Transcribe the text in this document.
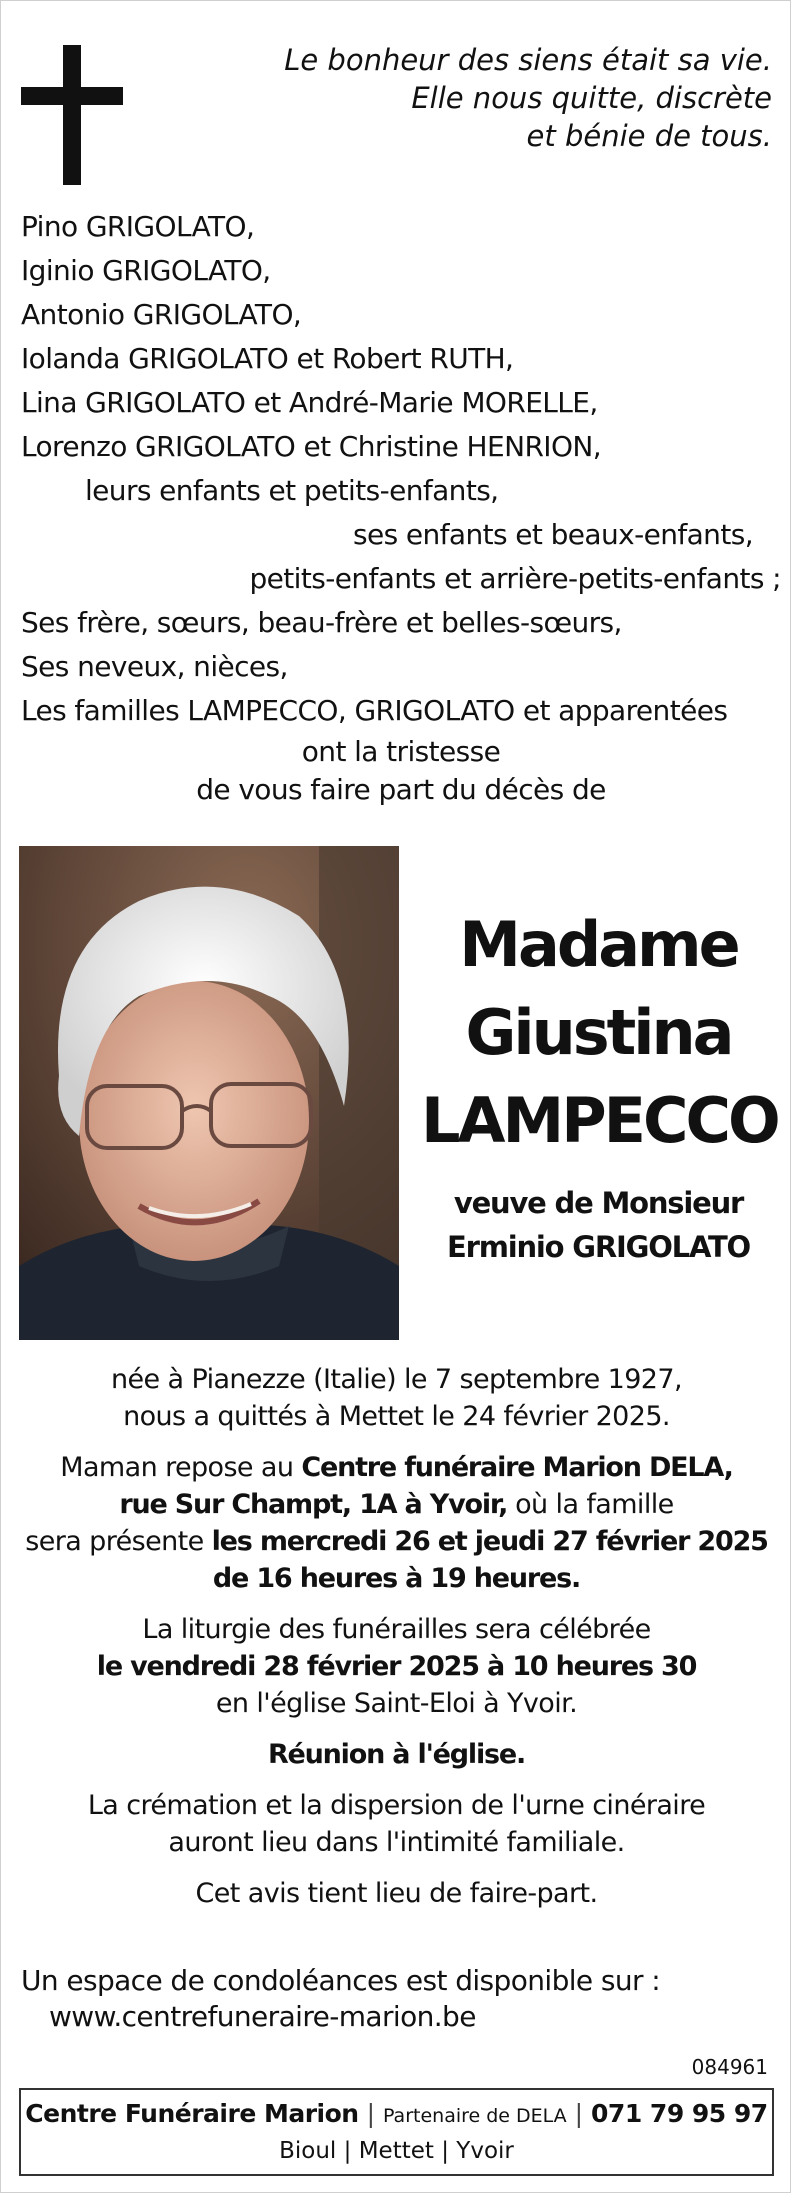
Le bonheur des siens était sa vie.
Elle nous quitte, discrète
et bénie de tous.
Pino GRIGOLATO,
Iginio GRIGOLATO,
Antonio GRIGOLATO,
Iolanda GRIGOLATO et Robert RUTH,
Lina GRIGOLATO et André-Marie MORELLE,
Lorenzo GRIGOLATO et Christine HENRION,
leurs enfants et petits-enfants,
ses enfants et beaux-enfants,
petits-enfants et arrière-petits-enfants ;
Ses frère, sœurs, beau-frère et belles-sœurs,
Ses neveux, nièces,
Les familles LAMPECCO, GRIGOLATO et apparentées
ont la tristesse
de vous faire part du décès de
Madame
Giustina
LAMPECCO
veuve de Monsieur
Erminio GRIGOLATO
née à Pianezze (Italie) le 7 septembre 1927,
nous a quittés à Mettet le 24 février 2025.
Maman repose au Centre funéraire Marion DELA,
rue Sur Champt, 1A à Yvoir, où la famille
sera présente les mercredi 26 et jeudi 27 février 2025
de 16 heures à 19 heures.
La liturgie des funérailles sera célébrée
le vendredi 28 février 2025 à 10 heures 30
en l'église Saint-Eloi à Yvoir.
Réunion à l'église.
La crémation et la dispersion de l'urne cinéraire
auront lieu dans l'intimité familiale.
Cet avis tient lieu de faire-part.
Un espace de condoléances est disponible sur :
www.centrefuneraire-marion.be
084961
Centre Funéraire Marion | Partenaire de DELA | 071 79 95 97
Bioul | Mettet | Yvoir
